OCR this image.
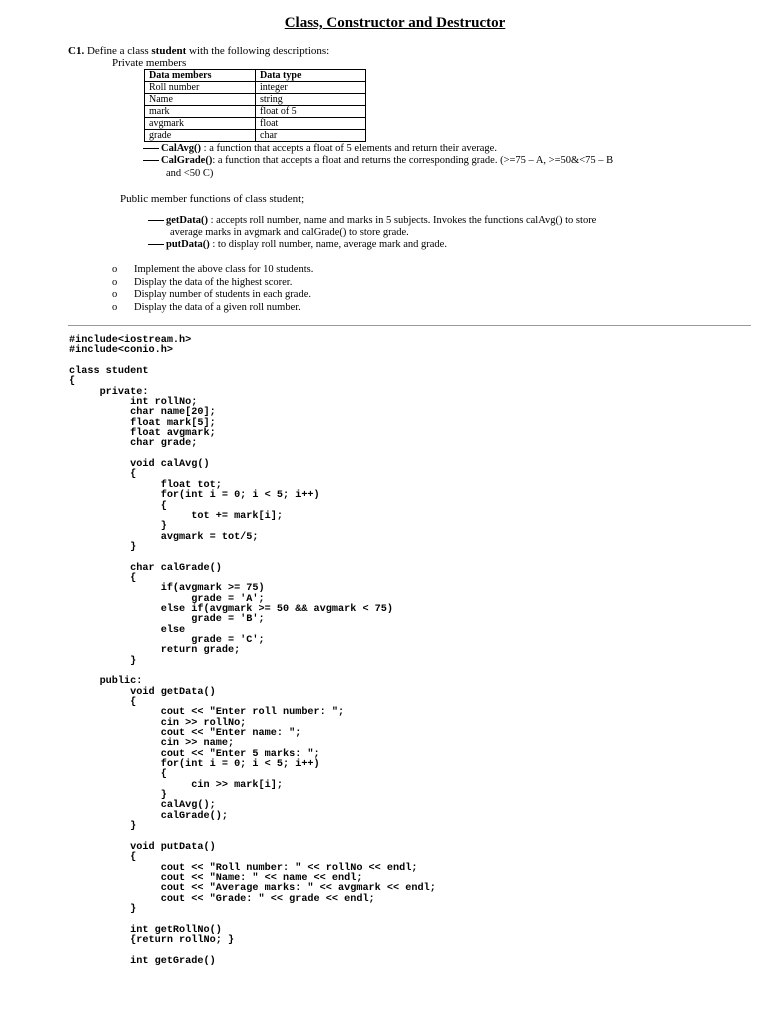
Class, Constructor and Destructor
C1. Define a class student with the following descriptions:
Private members
Data members	Data type
Roll number	integer
Name	string
mark	float of 5
avgmark	float
grade	char
CalAvg() : a function that accepts a float of 5 elements and return their average.
CalGrade(): a function that accepts a float and returns the corresponding grade. (>=75 – A, >=50&<75 – B
and <50 C)
Public member functions of class student;
getData() : accepts roll number, name and marks in 5 subjects. Invokes the functions calAvg() to store
average marks in avgmark and calGrade() to store grade.
putData() : to display roll number, name, average mark and grade.
o Implement the above class for 10 students.
o Display the data of the highest scorer.
o Display number of students in each grade.
o Display the data of a given roll number.
#include<iostream.h>
#include<conio.h>

class student
{
private:
int rollNo;
char name[20];
float mark[5];
float avgmark;
char grade;

void calAvg()
{
float tot;
for(int i = 0; i < 5; i++)
{
tot += mark[i];
}
avgmark = tot/5;
}

char calGrade()
{
if(avgmark >= 75)
grade = 'A';
else if(avgmark >= 50 && avgmark < 75)
grade = 'B';
else
grade = 'C';
return grade;
}

public:
void getData()
{
cout << "Enter roll number: ";
cin >> rollNo;
cout << "Enter name: ";
cin >> name;
cout << "Enter 5 marks: ";
for(int i = 0; i < 5; i++)
{
cin >> mark[i];
}
calAvg();
calGrade();
}

void putData()
{
cout << "Roll number: " << rollNo << endl;
cout << "Name: " << name << endl;
cout << "Average marks: " << avgmark << endl;
cout << "Grade: " << grade << endl;
}

int getRollNo()
{return rollNo; }

int getGrade()
